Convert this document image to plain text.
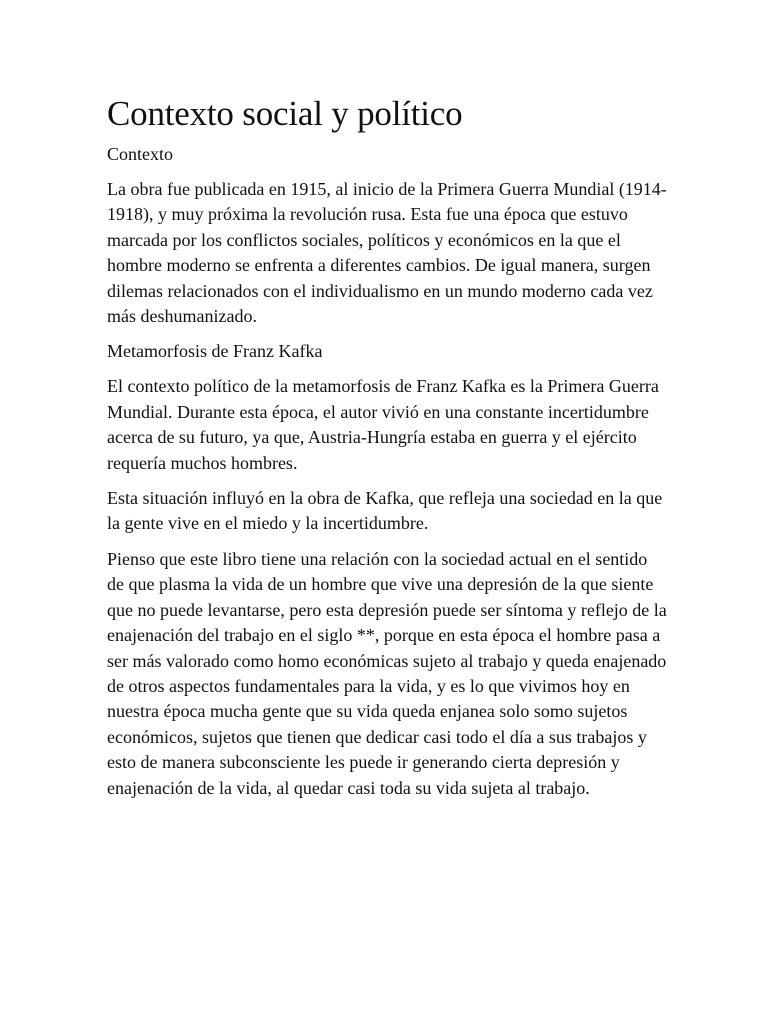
Contexto social y político
Contexto

La obra fue publicada en 1915, al inicio de la Primera Guerra Mundial (1914-1918), y muy próxima la revolución rusa. Esta fue una época que estuvo marcada por los conflictos sociales, políticos y económicos en la que el hombre moderno se enfrenta a diferentes cambios. De igual manera, surgen dilemas relacionados con el individualismo en un mundo moderno cada vez más deshumanizado.

Metamorfosis de Franz Kafka

El contexto político de la metamorfosis de Franz Kafka es la Primera Guerra Mundial. Durante esta época, el autor vivió en una constante incertidumbre acerca de su futuro, ya que, Austria-Hungría estaba en guerra y el ejército requería muchos hombres.

Esta situación influyó en la obra de Kafka, que refleja una sociedad en la que la gente vive en el miedo y la incertidumbre.

Pienso que este libro tiene una relación con la sociedad actual en el sentido de que plasma la vida de un hombre que vive una depresión de la que siente que no puede levantarse, pero esta depresión puede ser síntoma y reflejo de la enajenación del trabajo en el siglo **, porque en esta época el hombre pasa a ser más valorado como homo económicas sujeto al trabajo y queda enajenado de otros aspectos fundamentales para la vida, y es lo que vivimos hoy en nuestra época mucha gente que su vida queda enjanea solo somo sujetos económicos, sujetos que tienen que dedicar casi todo el día a sus trabajos y esto de manera subconsciente les puede ir generando cierta depresión y enajenación de la vida, al quedar casi toda su vida sujeta al trabajo.
